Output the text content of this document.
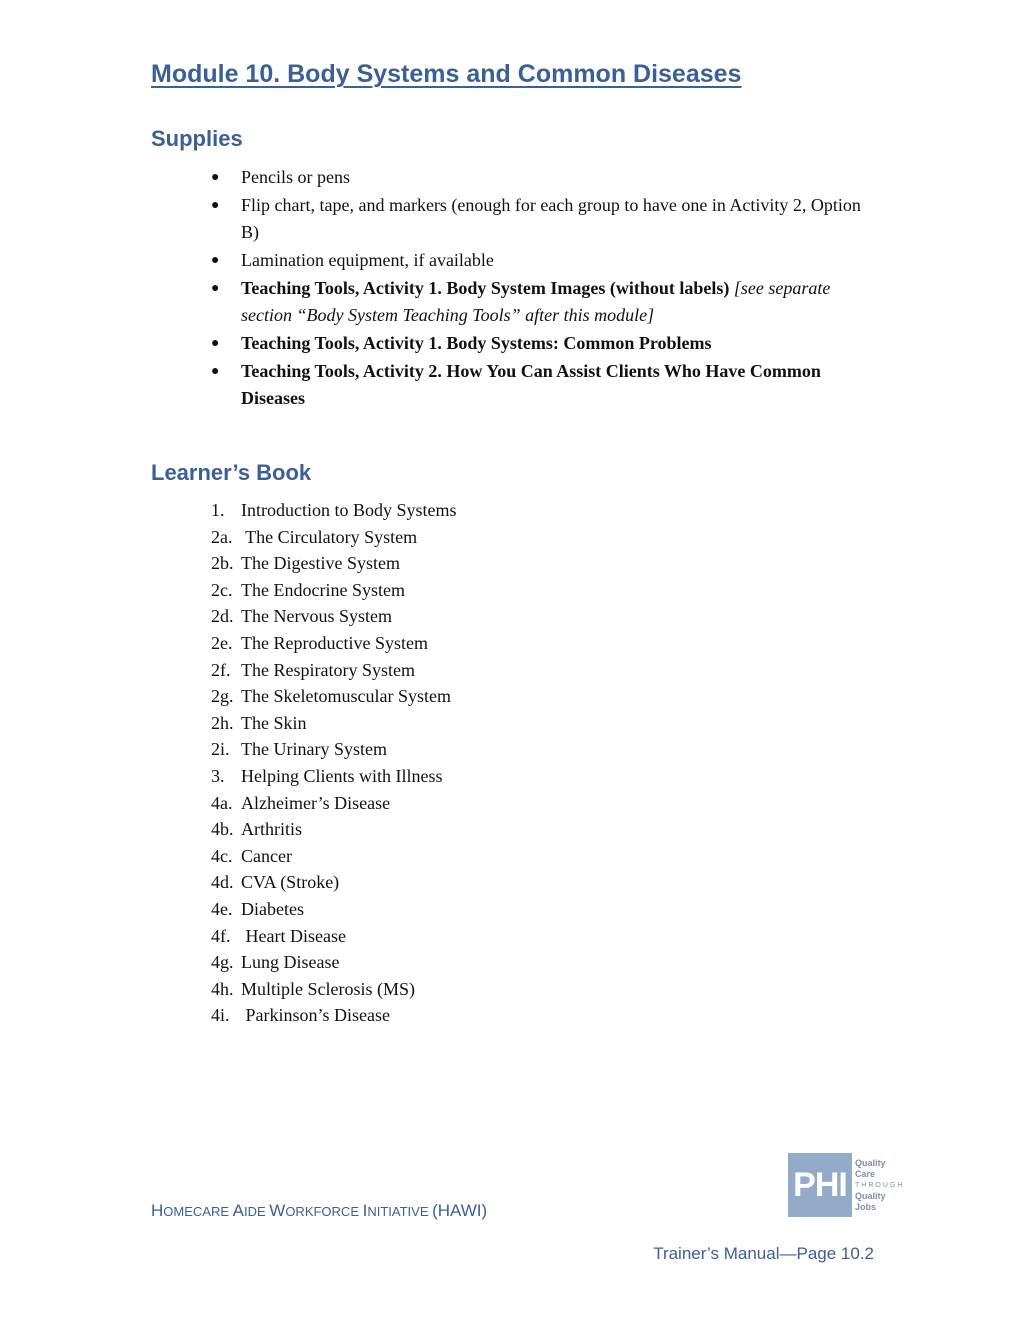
Module 10. Body Systems and Common Diseases
Supplies
● Pencils or pens
● Flip chart, tape, and markers (enough for each group to have one in Activity 2, Option B)
● Lamination equipment, if available
● Teaching Tools, Activity 1. Body System Images (without labels) [see separate section “Body System Teaching Tools” after this module]
● Teaching Tools, Activity 1. Body Systems: Common Problems
● Teaching Tools, Activity 2. How You Can Assist Clients Who Have Common Diseases
Learner’s Book
1. Introduction to Body Systems
2a. The Circulatory System
2b. The Digestive System
2c. The Endocrine System
2d. The Nervous System
2e. The Reproductive System
2f. The Respiratory System
2g. The Skeletomuscular System
2h. The Skin
2i. The Urinary System
3. Helping Clients with Illness
4a. Alzheimer’s Disease
4b. Arthritis
4c. Cancer
4d. CVA (Stroke)
4e. Diabetes
4f. Heart Disease
4g. Lung Disease
4h. Multiple Sclerosis (MS)
4i. Parkinson’s Disease
HOMECARE AIDE WORKFORCE INITIATIVE (HAWI)
PHI
Quality Care
THROUGH
Quality Jobs
Trainer’s Manual—Page 10.2
